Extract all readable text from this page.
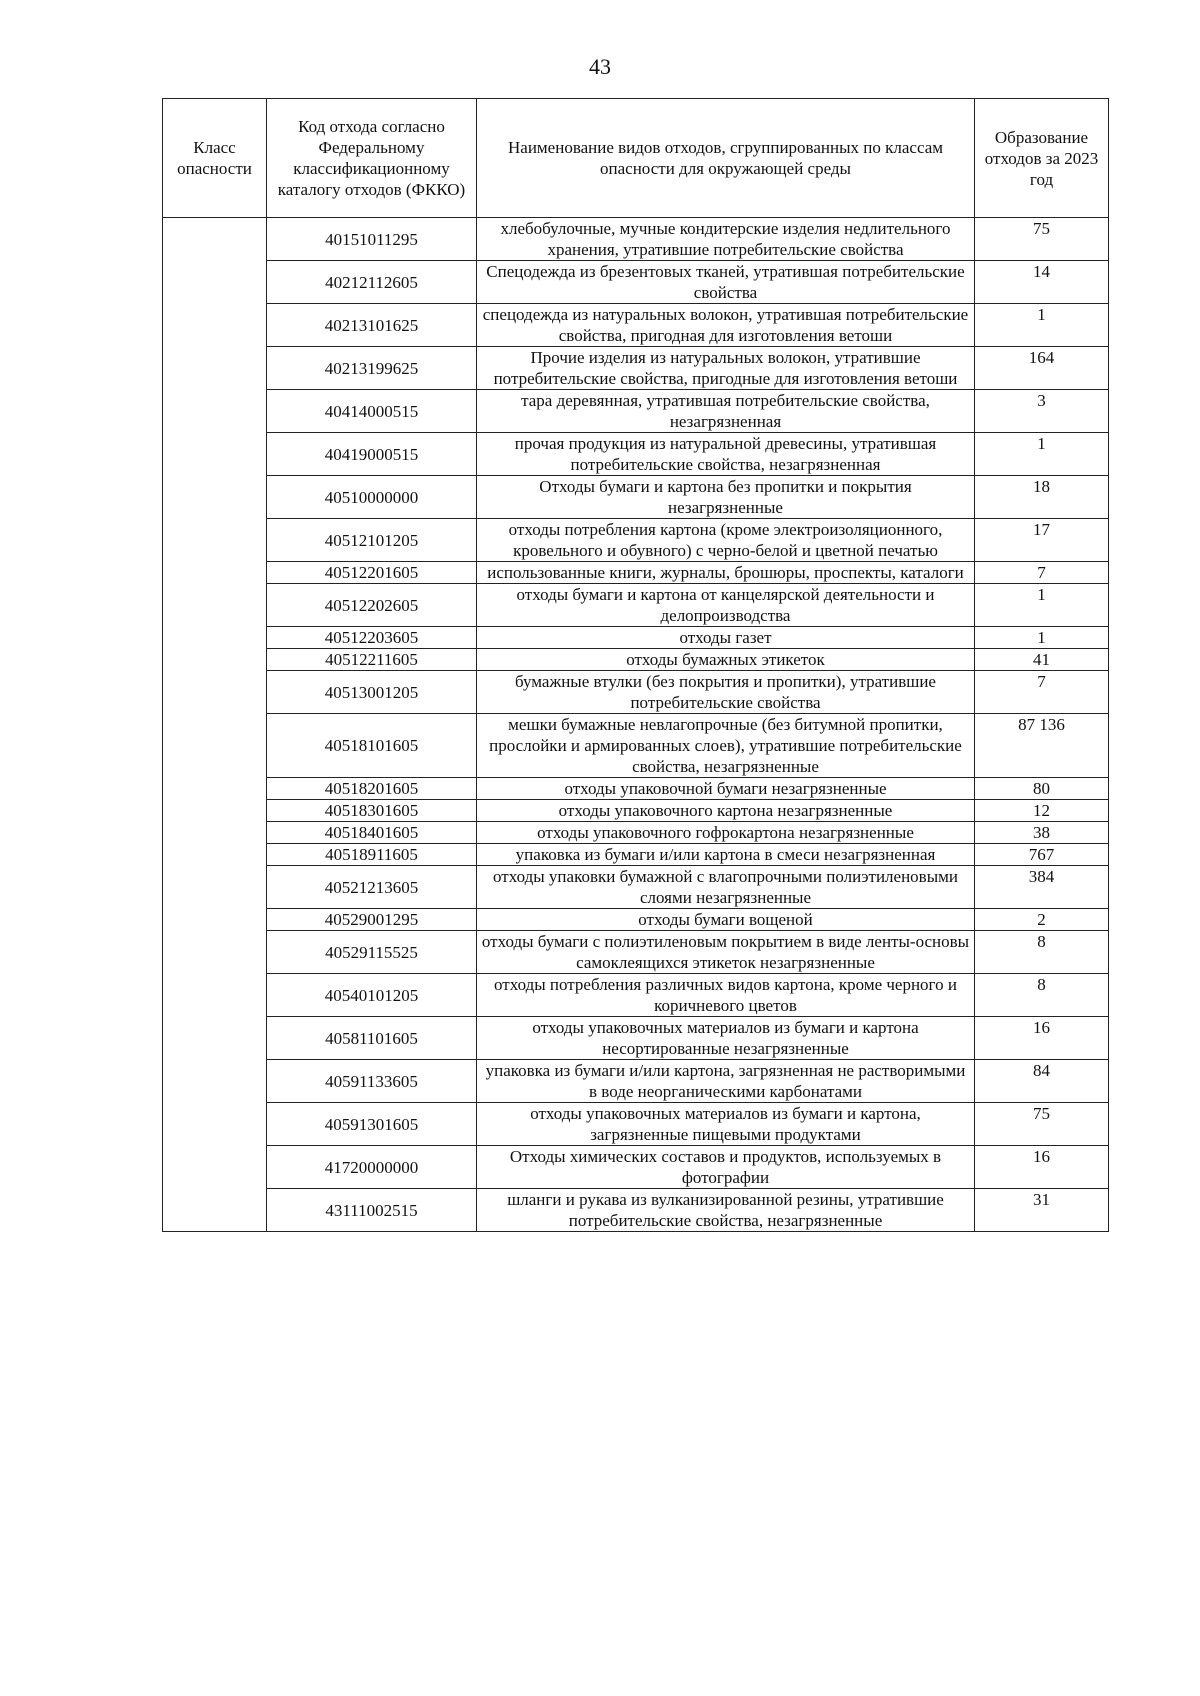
43
Класс опасности	Код отхода согласно Федеральному классификационному каталогу отходов (ФККО)	Наименование видов отходов, сгруппированных по классам опасности для окружающей среды	Образование отходов за 2023 год
	40151011295	хлебобулочные, мучные кондитерские изделия недлительного хранения, утратившие потребительские свойства	75
	40212112605	Спецодежда из брезентовых тканей, утратившая потребительские свойства	14
	40213101625	спецодежда из натуральных волокон, утратившая потребительские свойства, пригодная для изготовления ветоши	1
	40213199625	Прочие изделия из натуральных волокон, утратившие потребительские свойства, пригодные для изготовления ветоши	164
	40414000515	тара деревянная, утратившая потребительские свойства, незагрязненная	3
	40419000515	прочая продукция из натуральной древесины, утратившая потребительские свойства, незагрязненная	1
	40510000000	Отходы бумаги и картона без пропитки и покрытия незагрязненные	18
	40512101205	отходы потребления картона (кроме электроизоляционного, кровельного и обувного) с черно-белой и цветной печатью	17
	40512201605	использованные книги, журналы, брошюры, проспекты, каталоги	7
	40512202605	отходы бумаги и картона от канцелярской деятельности и делопроизводства	1
	40512203605	отходы газет	1
	40512211605	отходы бумажных этикеток	41
	40513001205	бумажные втулки (без покрытия и пропитки), утратившие потребительские свойства	7
	40518101605	мешки бумажные невлагопрочные (без битумной пропитки, прослойки и армированных слоев), утратившие потребительские свойства, незагрязненные	87 136
	40518201605	отходы упаковочной бумаги незагрязненные	80
	40518301605	отходы упаковочного картона незагрязненные	12
	40518401605	отходы упаковочного гофрокартона незагрязненные	38
	40518911605	упаковка из бумаги и/или картона в смеси незагрязненная	767
	40521213605	отходы упаковки бумажной с влагопрочными полиэтиленовыми слоями незагрязненные	384
	40529001295	отходы бумаги вощеной	2
	40529115525	отходы бумаги с полиэтиленовым покрытием в виде ленты-основы самоклеящихся этикеток незагрязненные	8
	40540101205	отходы потребления различных видов картона, кроме черного и коричневого цветов	8
	40581101605	отходы упаковочных материалов из бумаги и картона несортированные незагрязненные	16
	40591133605	упаковка из бумаги и/или картона, загрязненная не растворимыми в воде неорганическими карбонатами	84
	40591301605	отходы упаковочных материалов из бумаги и картона, загрязненные пищевыми продуктами	75
	41720000000	Отходы химических составов и продуктов, используемых в фотографии	16
	43111002515	шланги и рукава из вулканизированной резины, утратившие потребительские свойства, незагрязненные	31
